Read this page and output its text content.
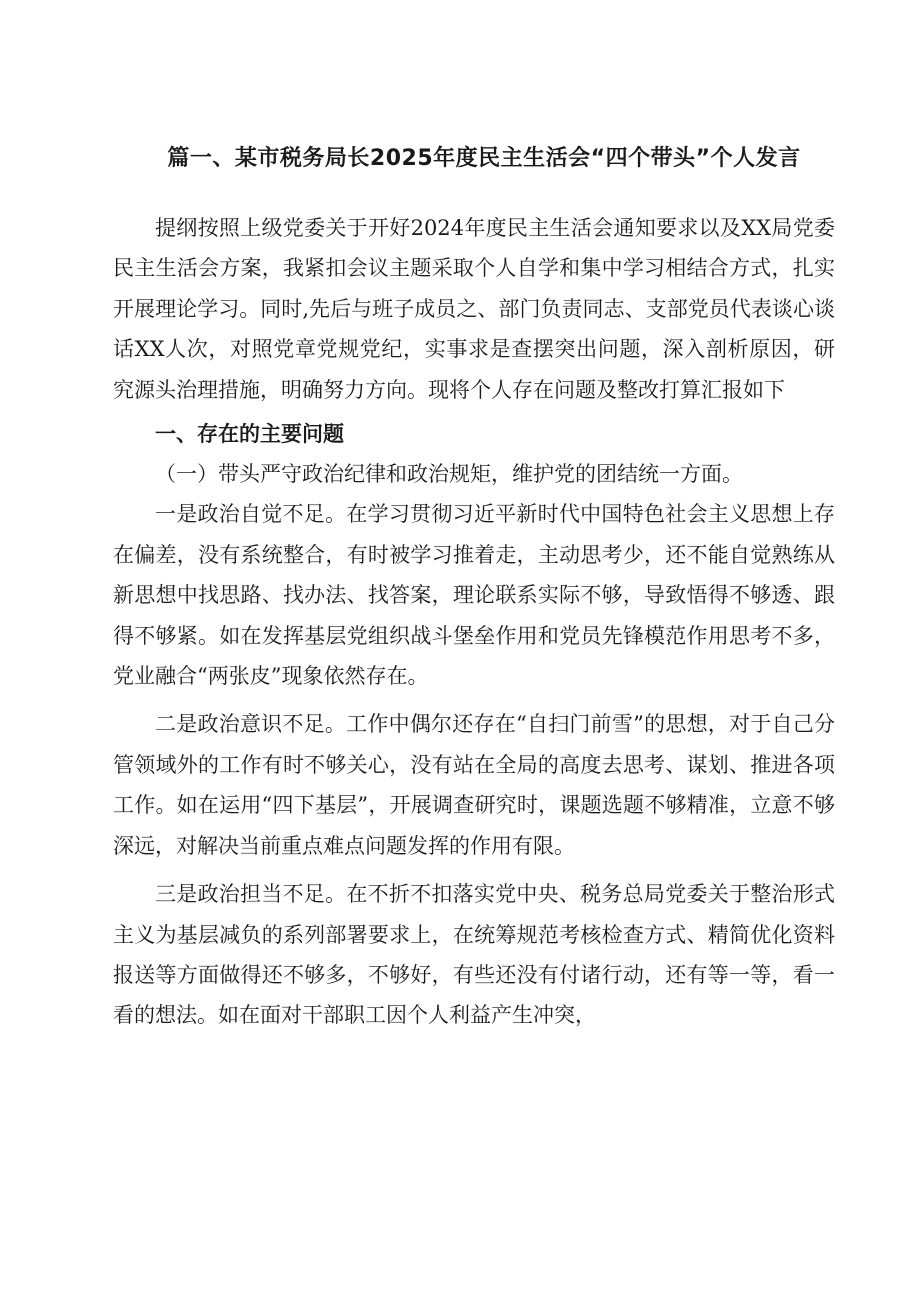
篇一、某市税务局长2025年度民主生活会“四个带头”个人发言

提纲按照上级党委关于开好2024年度民主生活会通知要求以及XX局党委民主生活会方案，我紧扣会议主题采取个人自学和集中学习相结合方式，扎实开展理论学习。同时,先后与班子成员之、部门负责同志、支部党员代表谈心谈话XX人次，对照党章党规党纪，实事求是查摆突出问题，深入剖析原因，研究源头治理措施，明确努力方向。现将个人存在问题及整改打算汇报如下

一、存在的主要问题

（一）带头严守政治纪律和政治规矩，维护党的团结统一方面。

一是政治自觉不足。在学习贯彻习近平新时代中国特色社会主义思想上存在偏差，没有系统整合，有时被学习推着走，主动思考少，还不能自觉熟练从新思想中找思路、找办法、找答案，理论联系实际不够，导致悟得不够透、跟得不够紧。如在发挥基层党组织战斗堡垒作用和党员先锋模范作用思考不多，党业融合“两张皮”现象依然存在。

二是政治意识不足。工作中偶尔还存在“自扫门前雪”的思想，对于自己分管领域外的工作有时不够关心，没有站在全局的高度去思考、谋划、推进各项工作。如在运用“四下基层”，开展调查研究时，课题选题不够精准，立意不够深远，对解决当前重点难点问题发挥的作用有限。

三是政治担当不足。在不折不扣落实党中央、税务总局党委关于整治形式主义为基层减负的系列部署要求上，在统筹规范考核检查方式、精简优化资料报送等方面做得还不够多，不够好，有些还没有付诸行动，还有等一等，看一看的想法。如在面对干部职工因个人利益产生冲突，
